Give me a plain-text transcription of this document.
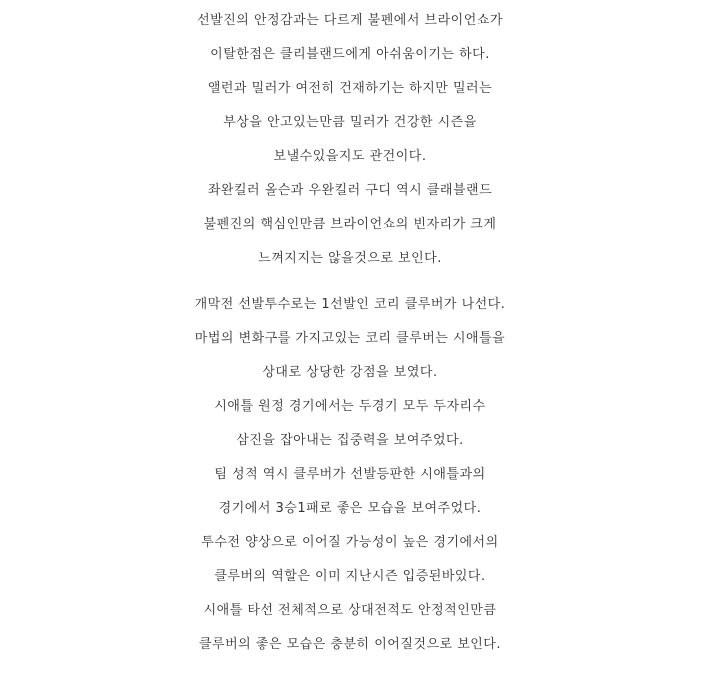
선발진의 안정감과는 다르게 불펜에서 브라이언쇼가
이탈한점은 클리블랜드에게 아쉬움이기는 하다.
앨런과 밀러가 여전히 건재하기는 하지만 밀러는
부상을 안고있는만큼 밀러가 건강한 시즌을
보낼수있을지도 관건이다.
좌완킬러 올슨과 우완킬러 구디 역시 클래블랜드
불펜진의 핵심인만큼 브라이언쇼의 빈자리가 크게
느껴지지는 않을것으로 보인다.
개막전 선발투수로는 1선발인 코리 클루버가 나선다.
마법의 변화구를 가지고있는 코리 클루버는 시애틀을
상대로 상당한 강점을 보였다.
시애틀 원정 경기에서는 두경기 모두 두자리수
삼진을 잡아내는 집중력을 보여주었다.
팀 성적 역시 클루버가 선발등판한 시애틀과의
경기에서 3승1패로 좋은 모습을 보여주었다.
투수전 양상으로 이어질 가능성이 높은 경기에서의
클루버의 역할은 이미 지난시즌 입증된바있다.
시애틀 타선 전체적으로 상대전적도 안정적인만큼
클루버의 좋은 모습은 충분히 이어질것으로 보인다.
